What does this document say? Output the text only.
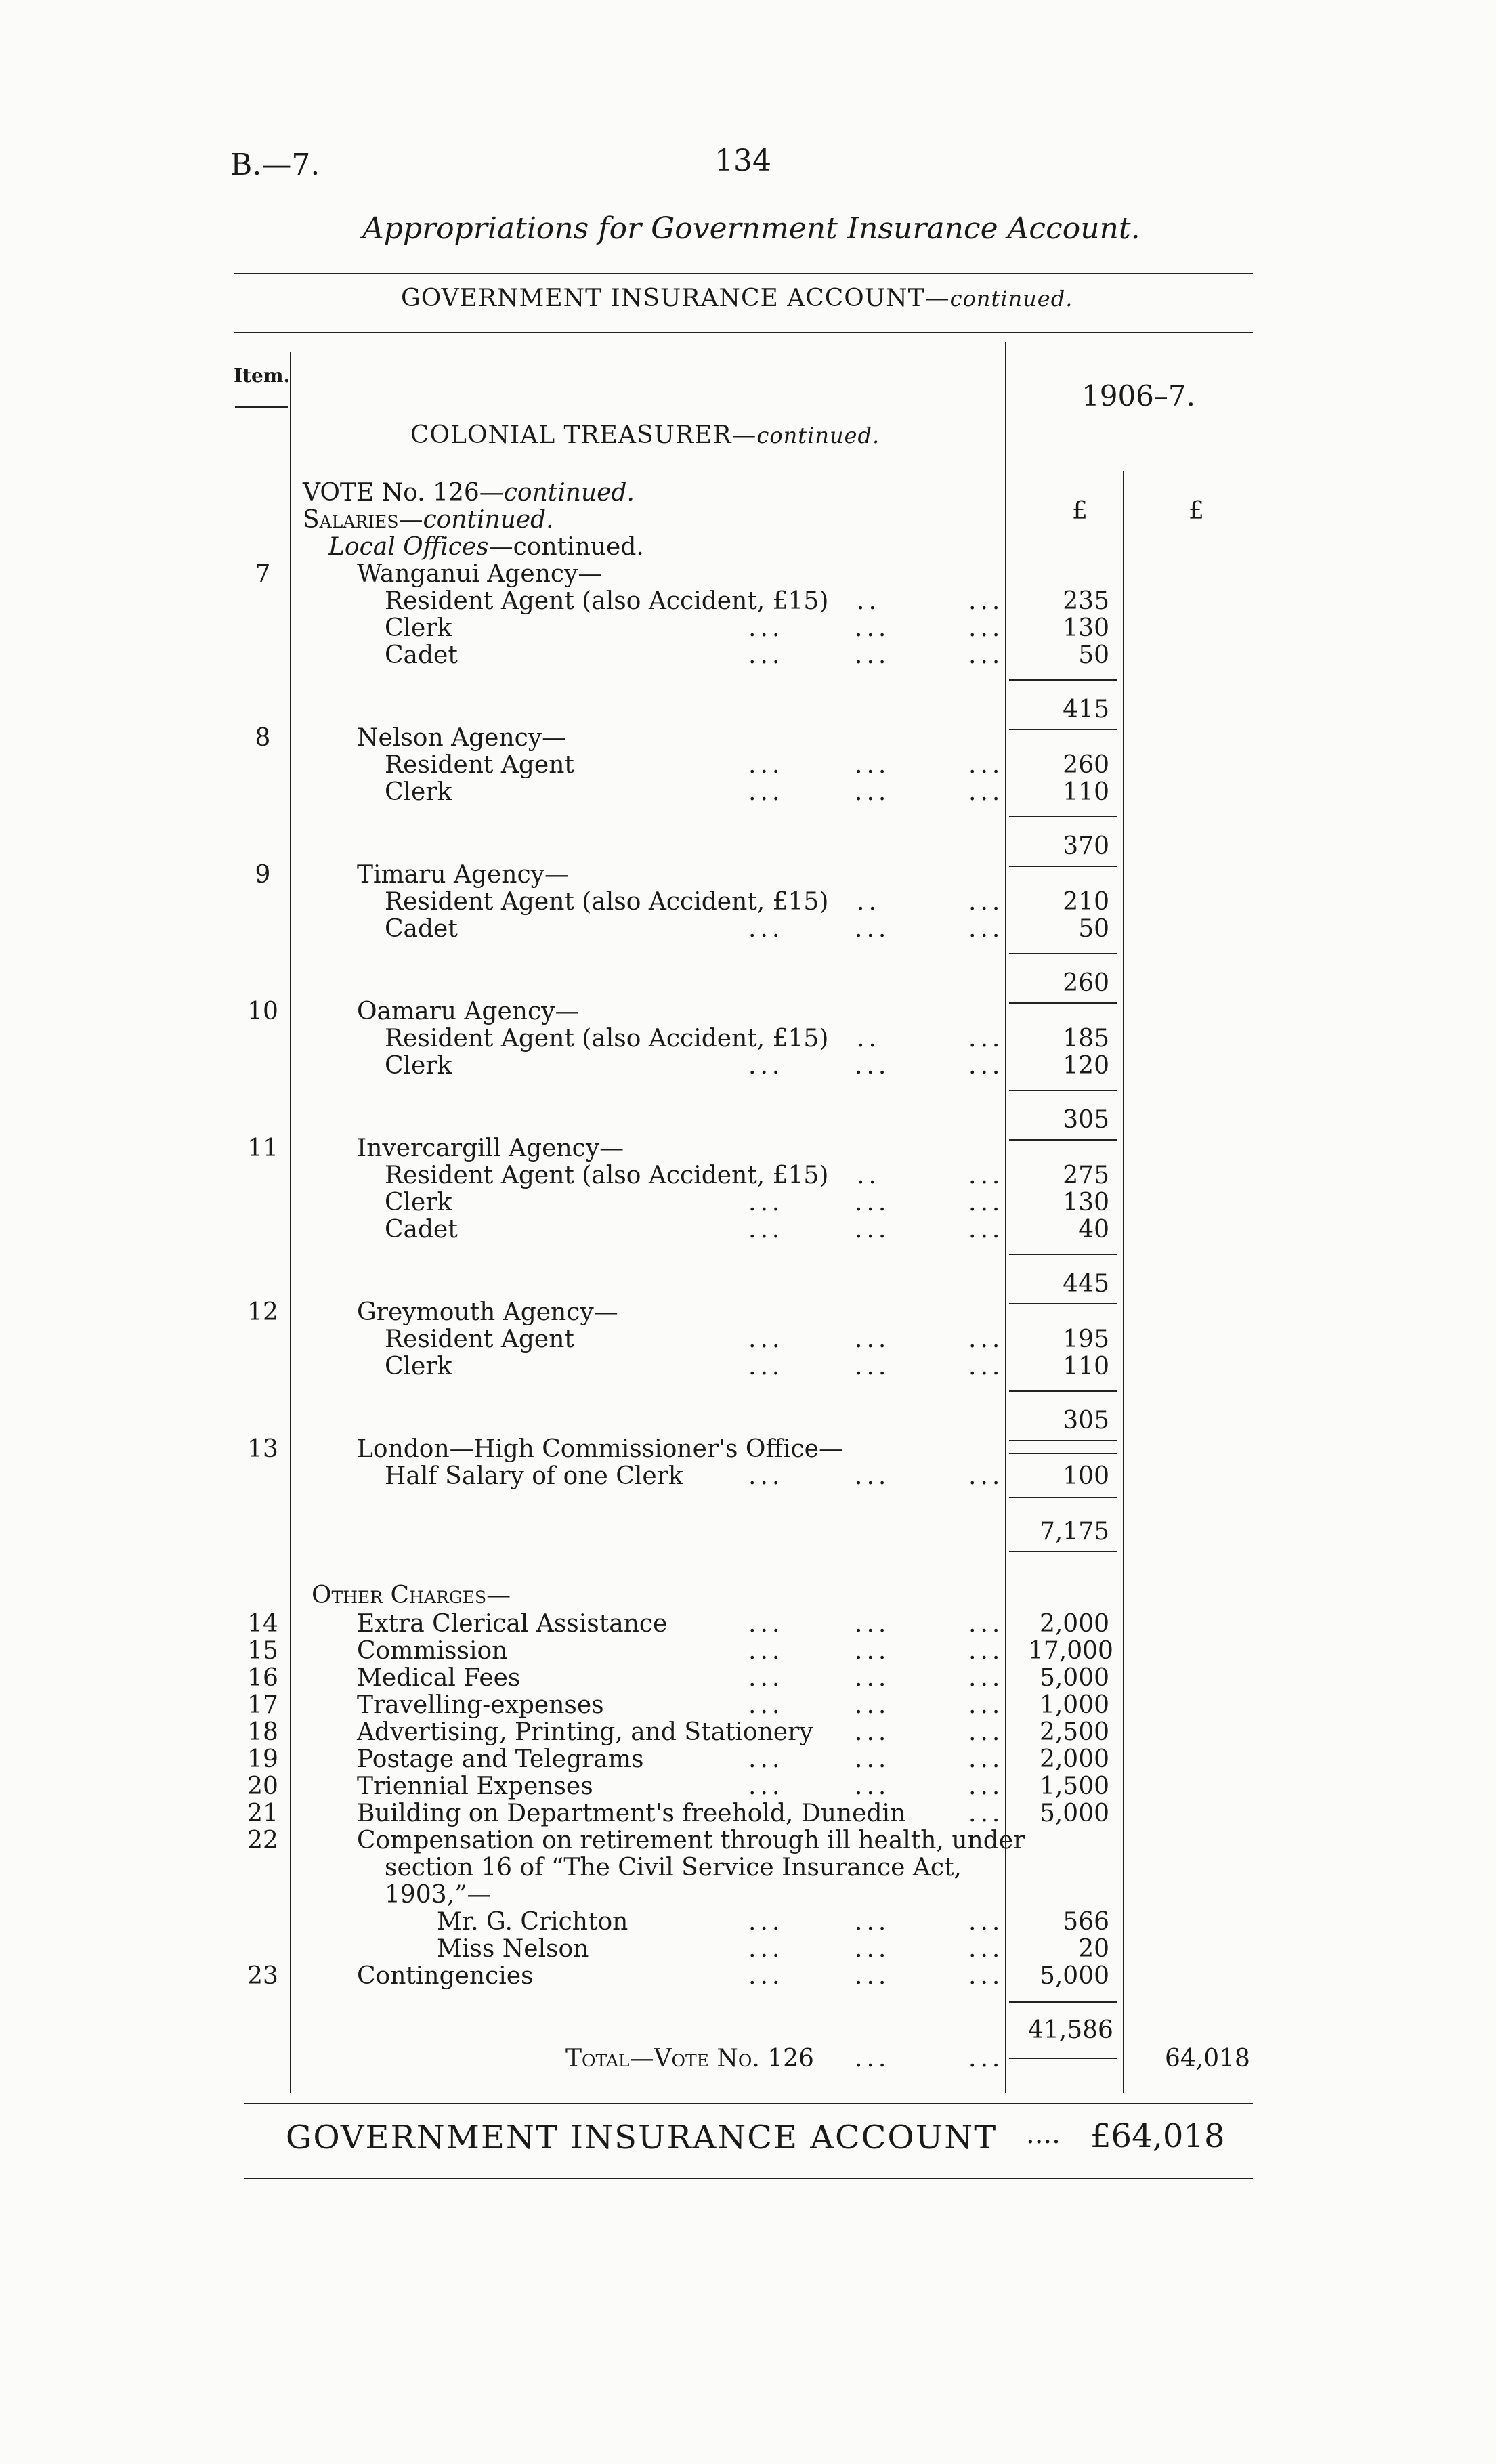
B.—7.	134
Appropriations for Government Insurance Account.
GOVERNMENT INSURANCE ACCOUNT—continued.
Item.
1906–7.
£	£
COLONIAL TREASURER—continued.
VOTE No. 126—continued.
Salaries—continued.
Local Offices—continued.
7	Wanganui Agency—
Resident Agent (also Accident, £15) ..	...	235
Clerk	...	...	...	130
Cadet	...	...	...	50
415
8	Nelson Agency—
Resident Agent	...	...	...	260
Clerk	...	...	...	110
370
9	Timaru Agency—
Resident Agent (also Accident, £15) ..	...	210
Cadet	...	...	...	50
260
10	Oamaru Agency—
Resident Agent (also Accident, £15) ..	...	185
Clerk	...	...	...	120
305
11	Invercargill Agency—
Resident Agent (also Accident, £15) ..	...	275
Clerk	...	...	...	130
Cadet	...	...	...	40
445
12	Greymouth Agency—
Resident Agent	...	...	...	195
Clerk	...	...	...	110
305
13	London—High Commissioner's Office—
Half Salary of one Clerk	...	...	...	100
7,175
Other Charges—
14	Extra Clerical Assistance	...	...	...	2,000
15	Commission	...	...	... 17,000
16	Medical Fees	...	...	...	5,000
17	Travelling-expenses	...	...	...	1,000
18	Advertising, Printing, and Stationery ...	...	2,500
19	Postage and Telegrams	...	...	...	2,000
20	Triennial Expenses	...	...	...	1,500
21	Building on Department's freehold, Dunedin	...	5,000
22	Compensation on retirement through ill health, under
section 16 of “The Civil Service Insurance Act,
1903,”—
Mr. G. Crichton	...	...	...	566
Miss Nelson	...	...	...	20
23	Contingencies	...	...	...	5,000
41,586
Total—Vote No. 126 ...	...	64,018
GOVERNMENT INSURANCE ACCOUNT .... £64,018
